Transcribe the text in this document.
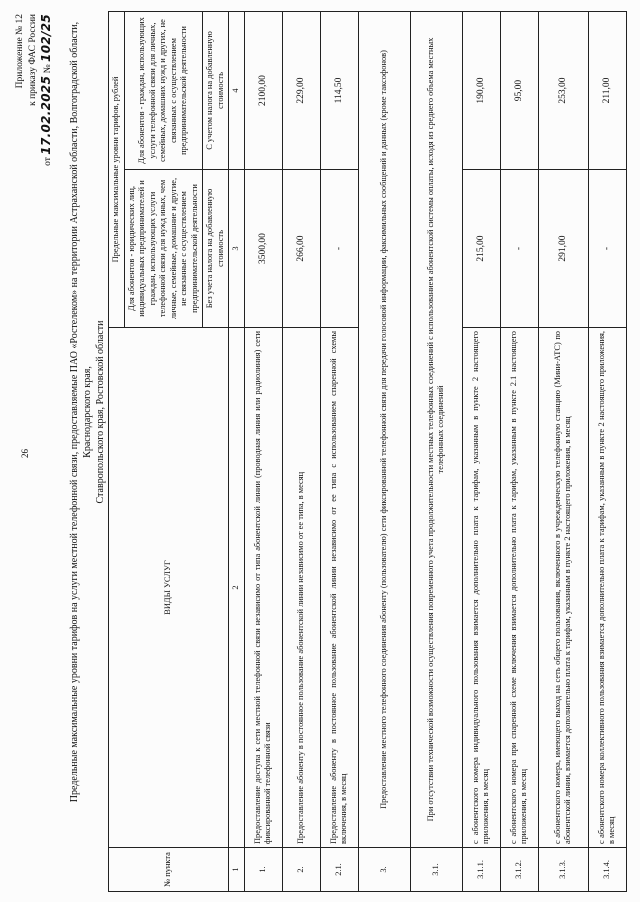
26
Приложение № 12 к приказу ФАС России
от 17.02.2025 № 102/25 Предельные максимальные уровни тарифов на услуги местной телефонной связи, предоставляемые ПАО «Ростелеком» на территории Астраханской области, Волгоградской области, Краснодарского края, Ставропольского края, Ростовской области
№ пункта	ВИДЫ УСЛУГ	Предельные максимальные уровни тарифов, рублей	
		Для абонентов - юридических лиц, индивидуальных предпринимателей и граждан, использующих услуги телефонной связи для нужд иных, чем личные, семейные, домашние и другие, не связанные с осуществлением предпринимательской деятельности	Для абонентов - граждан, использующих услуги телефонной связи для личных, семейных, домашних нужд и других, не связанных с осуществлением предпринимательской деятельности
		Без учета налога на добавленную стоимость	С учетом налога на добавленную стоимость
1	2	3	4
1.	Предоставление доступа к сети местной телефонной связи независимо от типа абонентской линии (проводная линия или радиолиния) сети фиксированной телефонной связи	3500,00	2100,00
2.	Предоставление абоненту в постоянное пользование абонентской линии независимо от ее типа, в месяц	266,00	229,00
2.1.	Предоставление абоненту в постоянное пользование абонентской линии независимо от ее типа с использованием спаренной схемы включения, в месяц	-	114,50
3.	Предоставление местного телефонного соединения абоненту (пользователю) сети фиксированной телефонной связи для передачи голосовой информации, факсимильных сообщений и данных (кроме таксофонов)		
3.1.	При отсутствии технической возможности осуществления повременного учета продолжительности местных телефонных соединений с использованием абонентской системы оплаты, исходя из среднего объема местных телефонных соединений		
3.1.1.	с абонентского номера индивидуального пользования взимается дополнительно плата к тарифам, указанным в пункте 2 настоящего приложения, в месяц	215,00	190,00
3.1.2.	с абонентского номера при спаренной схеме включения взимается дополнительно плата к тарифам, указанным в пункте 2.1 настоящего приложения, в месяц	-	95,00
3.1.3.	с абонентского номера, имеющего выход на сеть общего пользования, включенного в учрежденческую телефонную станцию (Мини-АТС) по абонентской линии, взимается дополнительно плата к тарифам, указанным в пункте 2 настоящего приложения, в месяц	291,00	253,00
3.1.4.	с абонентского номера коллективного пользования взимается дополнительно плата к тарифам, указанным в пункте 2 настоящего приложения, в месяц	-	211,00
